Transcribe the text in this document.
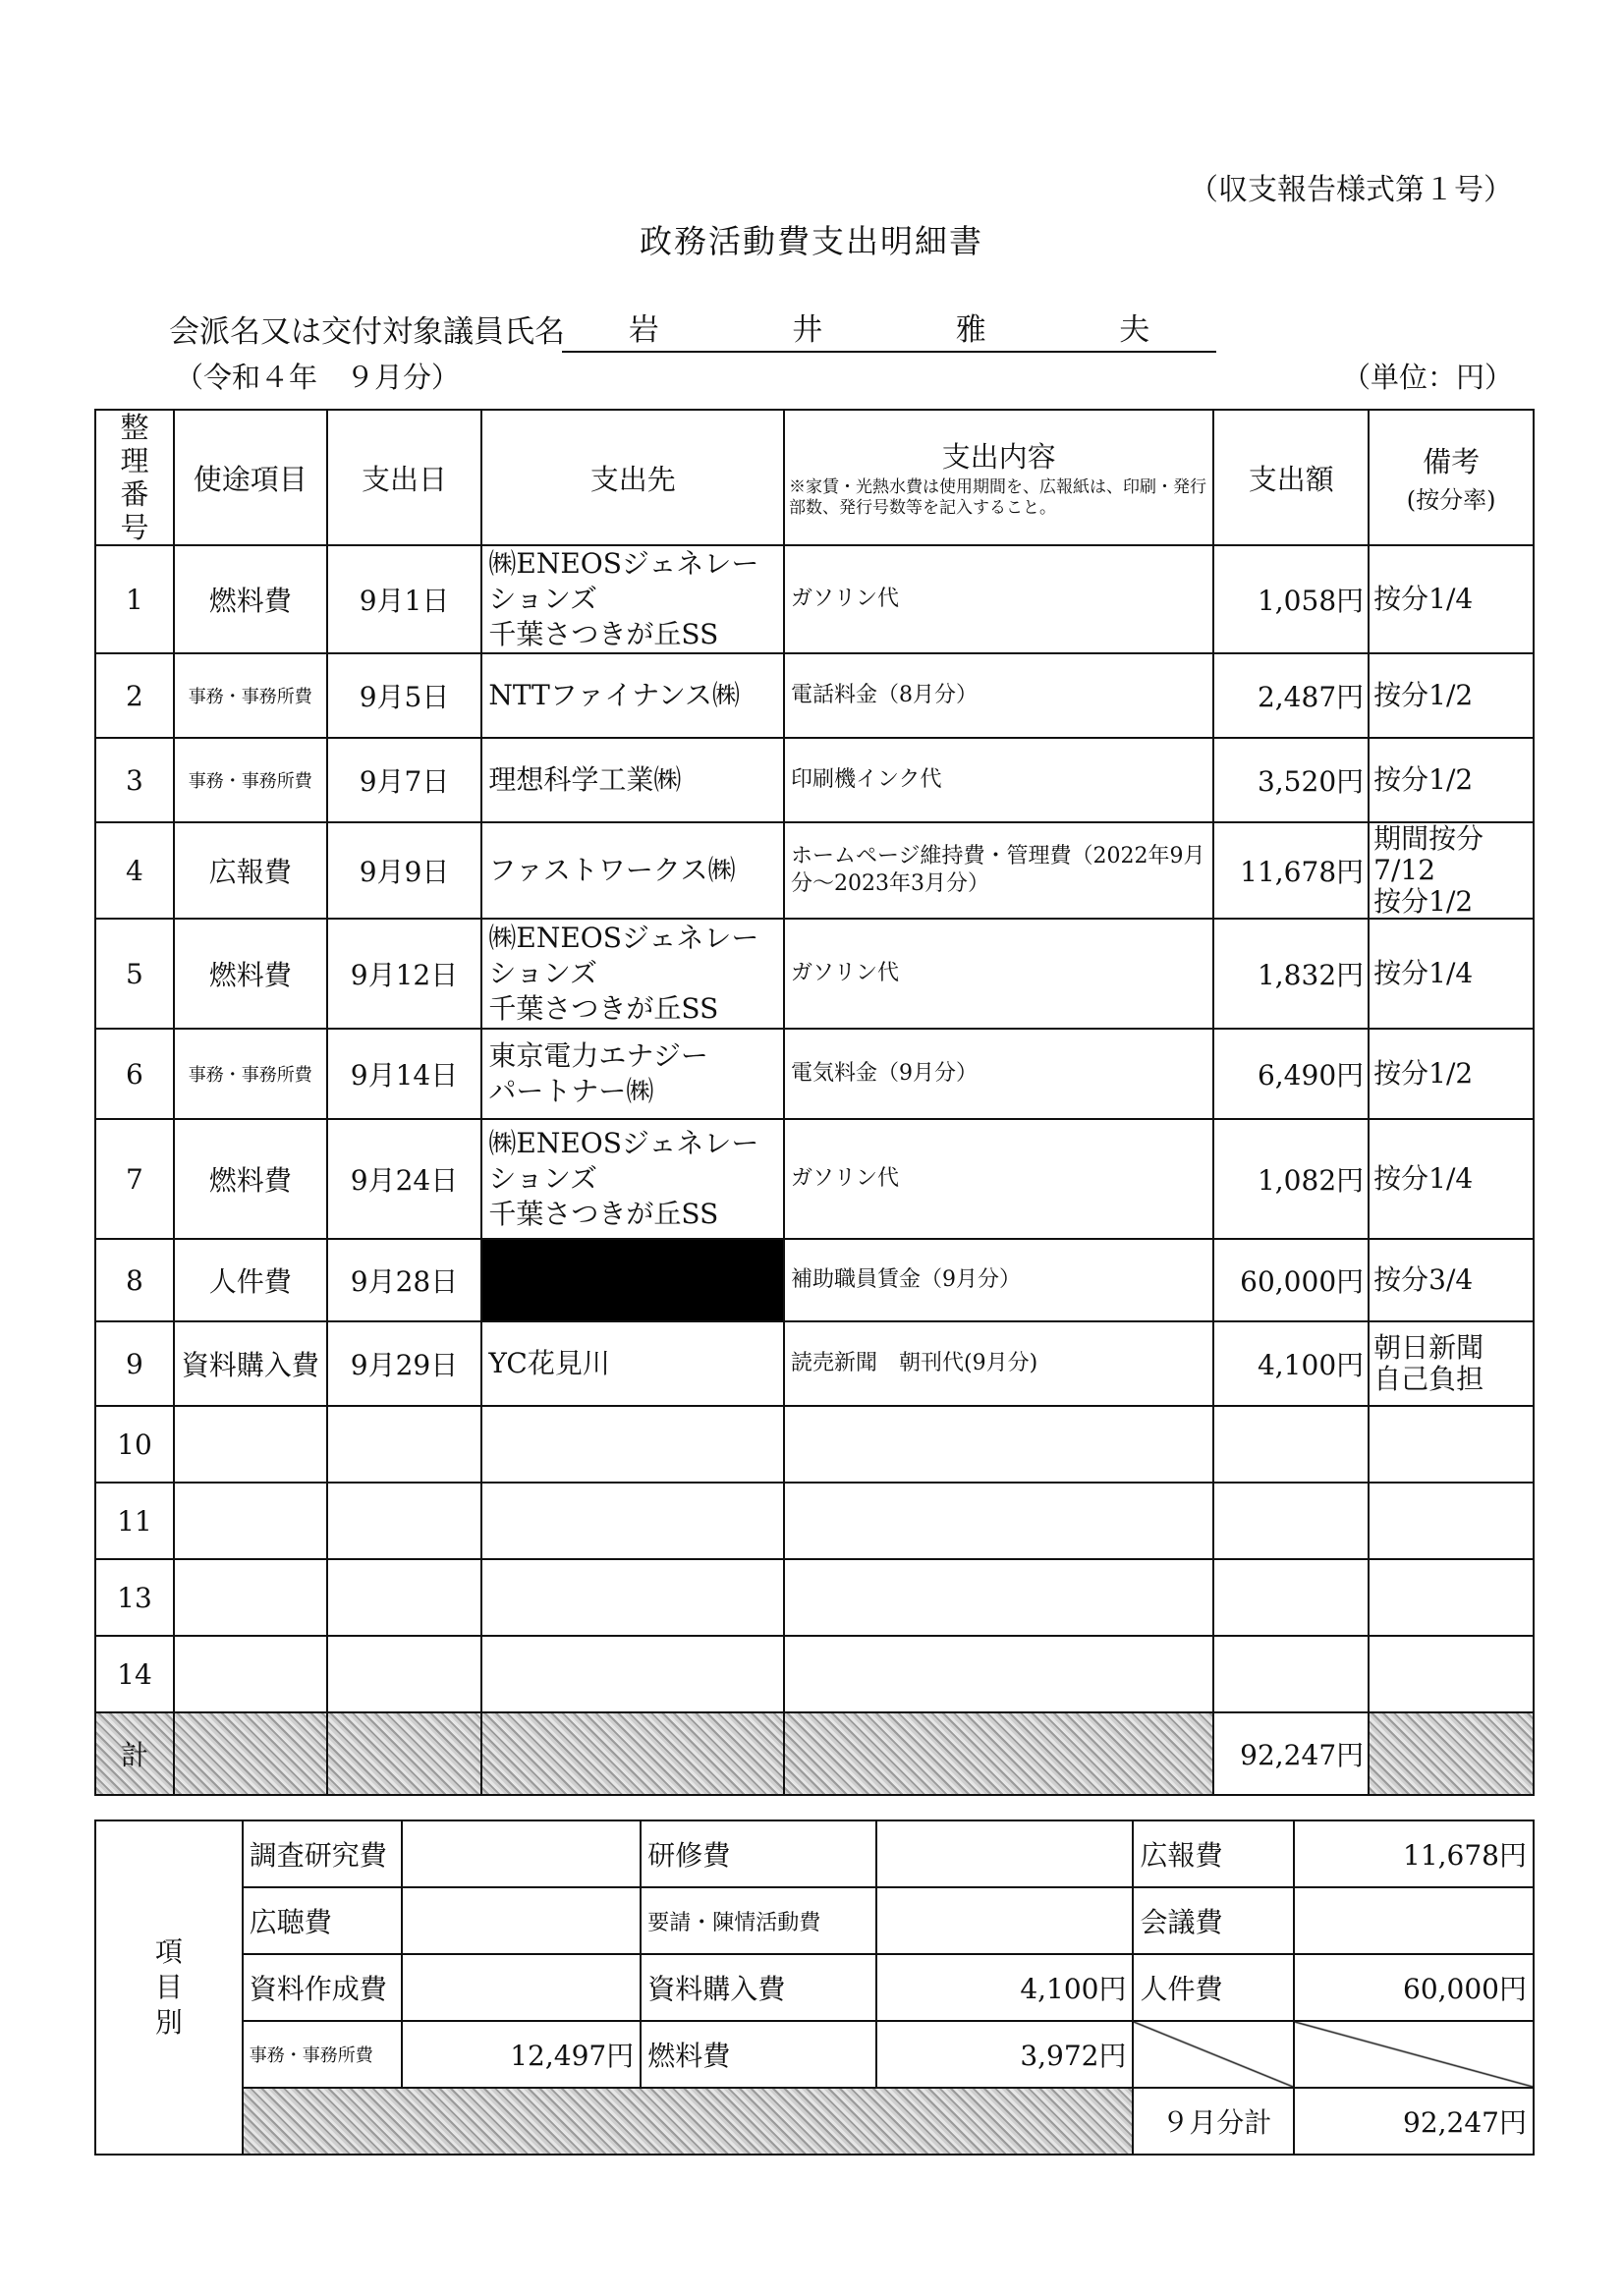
（収支報告様式第１号）
政務活動費支出明細書
会派名又は交付対象議員氏名 岩	井	雅	夫
（令和４年　９月分）	（単位：円）
整理番号	使途項目	支出日	支出先	支出内容
※家賃・光熱水費は使用期間を、広報紙は、印刷・発行部数、発行号数等を記入すること。	支出額	備考
(按分率)

1	燃料費	9月1日	㈱ENEOSジェネレー
ションズ
千葉さつきが丘SS	ガソリン代	1,058円	按分1/4

2	事務・事務所費	9月5日	NTTファイナンス㈱	電話料金（8月分）	2,487円	按分1/2

3	事務・事務所費	9月7日	理想科学工業㈱	印刷機インク代	3,520円	按分1/2

4	広報費	9月9日	ファストワークス㈱	ホームページ維持費・管理費（2022年9月分～2023年3月分）	11,678円	期間按分
7/12
按分1/2

5	燃料費	9月12日	㈱ENEOSジェネレー
ションズ
千葉さつきが丘SS	ガソリン代	1,832円	按分1/4

6	事務・事務所費	9月14日	東京電力エナジー
パートナー㈱	電気料金（9月分）	6,490円	按分1/2

7	燃料費	9月24日	㈱ENEOSジェネレー
ションズ
千葉さつきが丘SS	ガソリン代	1,082円	按分1/4

8	人件費	9月28日		補助職員賃金（9月分）	60,000円	按分3/4

9	資料購入費	9月29日	YC花見川	読売新聞　朝刊代(9月分)	4,100円	朝日新聞
自己負担

10						
11						
13						
14						
計					92,247円	
項
目
別	調査研究費		研修費		広報費	11,678円
	広聴費		要請・陳情活動費		会議費	
	資料作成費		資料購入費	4,100円	人件費	60,000円
	事務・事務所費	12,497円	燃料費	3,972円		
					９月分計	92,247円
